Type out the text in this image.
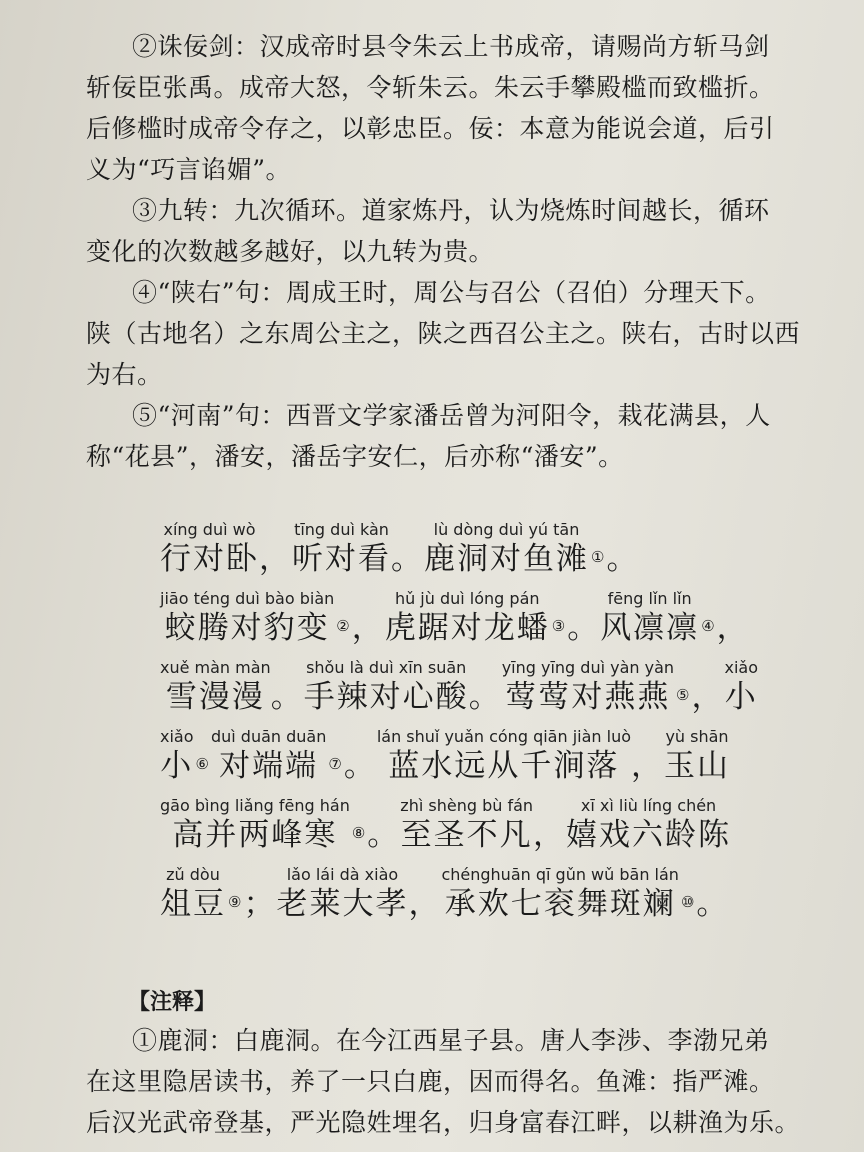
②诛佞剑：汉成帝时县令朱云上书成帝，请赐尚方斩马剑
斩佞臣张禹。成帝大怒，令斩朱云。朱云手攀殿槛而致槛折。
后修槛时成帝令存之，以彰忠臣。佞：本意为能说会道，后引
义为“巧言谄媚”。
③九转：九次循环。道家炼丹，认为烧炼时间越长，循环
变化的次数越多越好，以九转为贵。
④“陕右”句：周成王时，周公与召公（召伯）分理天下。
陕（古地名）之东周公主之，陕之西召公主之。陕右，古时以西
为右。
⑤“河南”句：西晋文学家潘岳曾为河阳令，栽花满县，人
称“花县”，潘安，潘岳字安仁，后亦称“潘安”。
xíng duì wò
行对卧 ，
tīng duì kàn
听对看 。
lù dòng duì yú tān
鹿洞对鱼滩 ① 。
jiāo téng duì bào biàn
蛟腾对豹变 ② ，
hǔ jù duì lóng pán
虎踞对龙蟠 ③ 。
fēng lǐn lǐn
风凛凛 ④ ，
xuě màn màn
雪漫漫 。
shǒu là duì xīn suān
手辣对心酸 。
yīng yīng duì yàn yàn
莺莺对燕燕 ⑤ ，
xiǎo
小
xiǎo
小 ⑥
duì duān duān
对端端 ⑦ 。
lán shuǐ yuǎn cóng qiān jiàn luò
蓝水远从千涧落 ，
yù shān
玉山
gāo bìng liǎng fēng hán
高并两峰寒 ⑧ 。
zhì shèng bù fán
至圣不凡 ，
xī xì liù líng chén
嬉戏六龄陈
zǔ dòu
俎豆 ⑨ ；
lǎo lái dà xiào
老莱大孝 ，
chénghuān qī gǔn wǔ bān lán
承欢七衮舞斑斓 ⑩ 。
【注释】
①鹿洞：白鹿洞。在今江西星子县。唐人李涉、李渤兄弟
在这里隐居读书，养了一只白鹿，因而得名。鱼滩：指严滩。
后汉光武帝登基，严光隐姓埋名，归身富春江畔，以耕渔为乐。
